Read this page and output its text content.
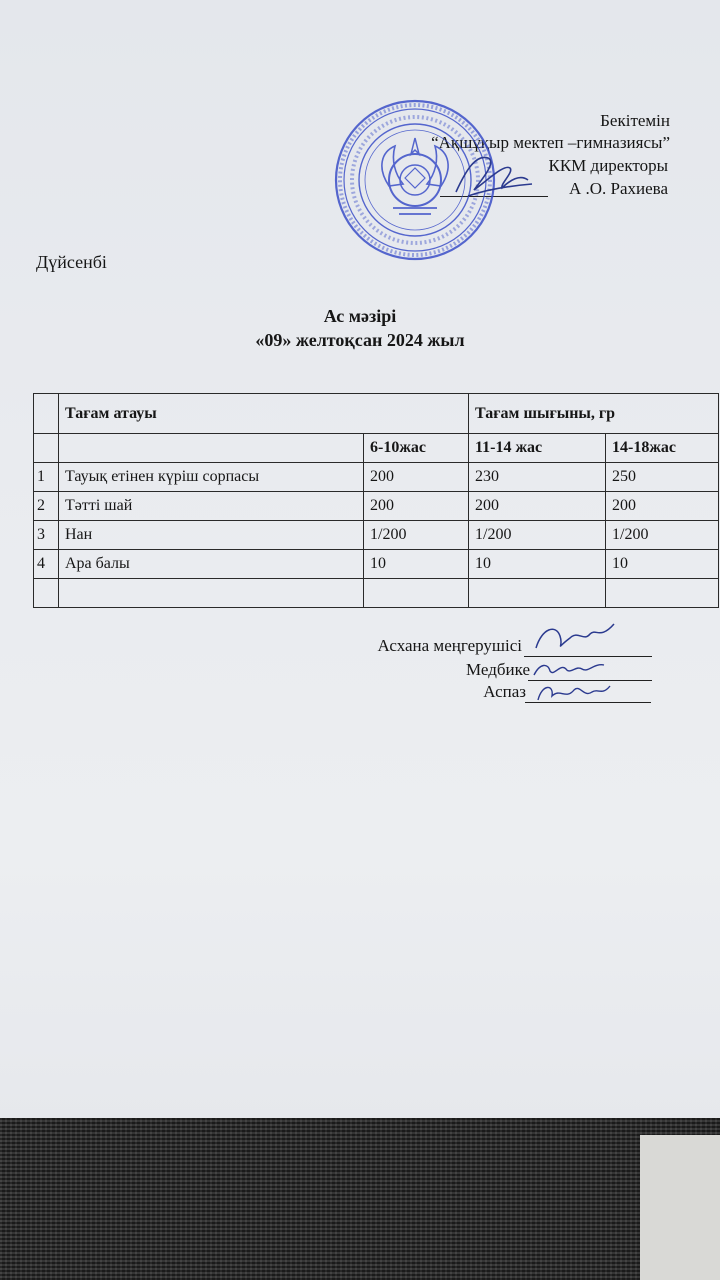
Бекітемін
“Ақшұқыр мектеп –гимназиясы”
ККМ директоры
А .О. Рахиева
Дүйсенбі
Ас мәзірі
«09» желтоқсан 2024 жыл
	Тағам атауы		Тағам шығыны, гр	
		6-10жас	11-14 жас	14-18жас
1	Тауық етінен күріш сорпасы	200	230	250
2	Тәтті шай	200	200	200
3	Нан	1/200	1/200	1/200
4	Ара балы	10	10	10

Асхана меңгерушісі
Медбике
Аспаз
